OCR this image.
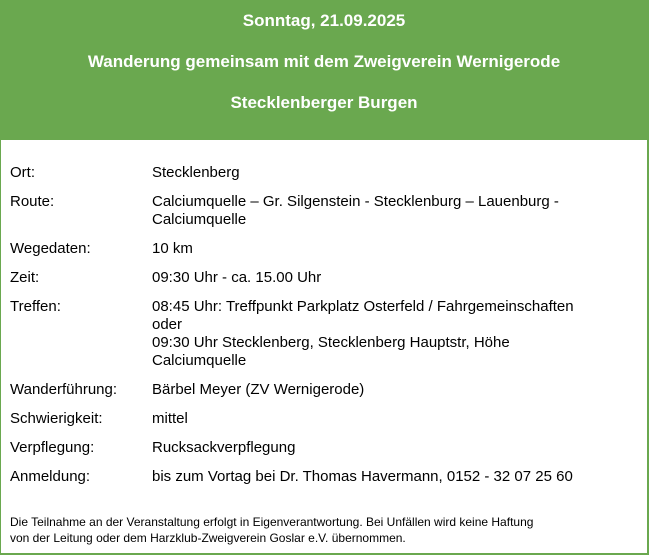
Sonntag, 21.09.2025
Wanderung gemeinsam mit dem Zweigverein Wernigerode
Stecklenberger Burgen
Ort:	Stecklenberg
Route:	Calciumquelle – Gr. Silgenstein - Stecklenburg – Lauenburg -
Calciumquelle
Wegedaten:	10 km
Zeit:	09:30 Uhr - ca. 15.00 Uhr
Treffen:	08:45 Uhr: Treffpunkt Parkplatz Osterfeld / Fahrgemeinschaften
oder
09:30 Uhr Stecklenberg, Stecklenberg Hauptstr, Höhe
Calciumquelle
Wanderführung:	Bärbel Meyer (ZV Wernigerode)
Schwierigkeit:	mittel
Verpflegung:	Rucksackverpflegung
Anmeldung:	bis zum Vortag bei Dr. Thomas Havermann, 0152 - 32 07 25 60
Die Teilnahme an der Veranstaltung erfolgt in Eigenverantwortung. Bei Unfällen wird keine Haftung
von der Leitung oder dem Harzklub-Zweigverein Goslar e.V. übernommen.
